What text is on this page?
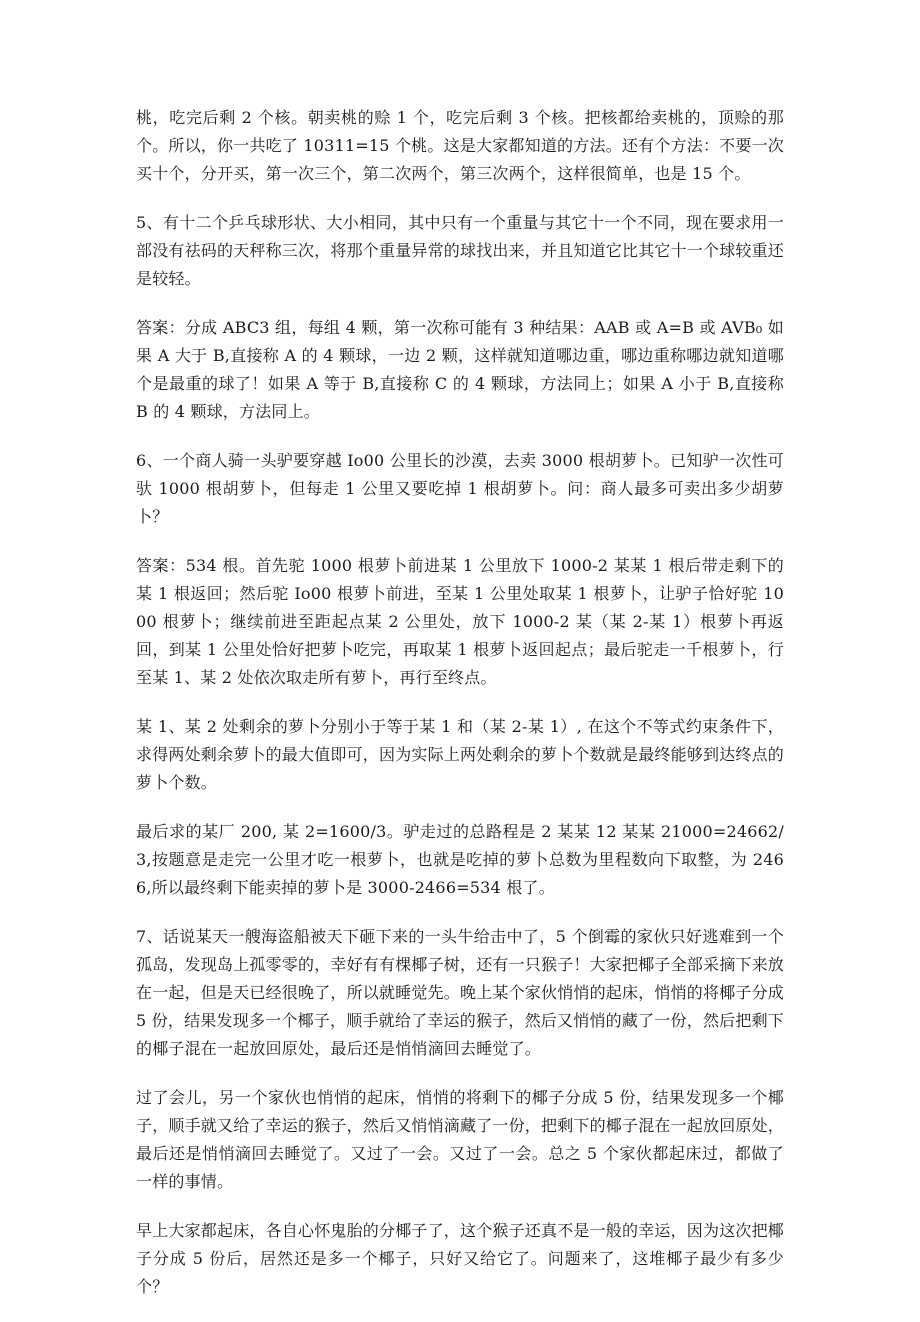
桃，吃完后剩 2 个核。朝卖桃的赊 1 个，吃完后剩 3 个核。把核都给卖桃的，顶赊的那个。所以，你一共吃了 10311=15 个桃。这是大家都知道的方法。还有个方法：不要一次买十个，分开买，第一次三个，第二次两个，第三次两个，这样很简单，也是 15 个。

5、有十二个乒乓球形状、大小相同，其中只有一个重量与其它十一个不同，现在要求用一部没有祛码的天秤称三次，将那个重量异常的球找出来，并且知道它比其它十一个球较重还是较轻。

答案：分成 ABC3 组，每组 4 颗，第一次称可能有 3 种结果：AAB 或 A=B 或 AVB₀ 如果 A 大于 B,直接称 A 的 4 颗球，一边 2 颗，这样就知道哪边重，哪边重称哪边就知道哪个是最重的球了！如果 A 等于 B,直接称 C 的 4 颗球，方法同上；如果 A 小于 B,直接称 B 的 4 颗球，方法同上。

6、一个商人骑一头驴要穿越 Io00 公里长的沙漠，去卖 3000 根胡萝卜。已知驴一次性可驮 1000 根胡萝卜，但每走 1 公里又要吃掉 1 根胡萝卜。问：商人最多可卖出多少胡萝卜？

答案：534 根。首先驼 1000 根萝卜前进某 1 公里放下 1000-2 某某 1 根后带走剩下的某 1 根返回；然后驼 Io00 根萝卜前进，至某 1 公里处取某 1 根萝卜，让驴子恰好驼 1000 根萝卜；继续前进至距起点某 2 公里处，放下 1000-2 某（某 2-某 1）根萝卜再返回，到某 1 公里处恰好把萝卜吃完，再取某 1 根萝卜返回起点；最后驼走一千根萝卜，行至某 1、某 2 处依次取走所有萝卜，再行至终点。

某 1、某 2 处剩余的萝卜分别小于等于某 1 和（某 2-某 1）, 在这个不等式约束条件下，求得两处剩余萝卜的最大值即可，因为实际上两处剩余的萝卜个数就是最终能够到达终点的萝卜个数。

最后求的某厂 200, 某 2=1600/3。驴走过的总路程是 2 某某 12 某某 21000=24662/3,按题意是走完一公里才吃一根萝卜，也就是吃掉的萝卜总数为里程数向下取整，为 2466,所以最终剩下能卖掉的萝卜是 3000-2466=534 根了。

7、话说某天一艘海盗船被天下砸下来的一头牛给击中了，5 个倒霉的家伙只好逃难到一个孤岛，发现岛上孤零零的，幸好有有棵椰子树，还有一只猴子！大家把椰子全部采摘下来放在一起，但是天已经很晚了，所以就睡觉先。晚上某个家伙悄悄的起床，悄悄的将椰子分成 5 份，结果发现多一个椰子，顺手就给了幸运的猴子，然后又悄悄的藏了一份，然后把剩下的椰子混在一起放回原处，最后还是悄悄滴回去睡觉了。

过了会儿，另一个家伙也悄悄的起床，悄悄的将剩下的椰子分成 5 份，结果发现多一个椰子，顺手就又给了幸运的猴子，然后又悄悄滴藏了一份，把剩下的椰子混在一起放回原处，最后还是悄悄滴回去睡觉了。又过了一会。又过了一会。总之 5 个家伙都起床过，都做了一样的事情。

早上大家都起床，各自心怀鬼胎的分椰子了，这个猴子还真不是一般的幸运，因为这次把椰子分成 5 份后，居然还是多一个椰子，只好又给它了。问题来了，这堆椰子最少有多少个？
